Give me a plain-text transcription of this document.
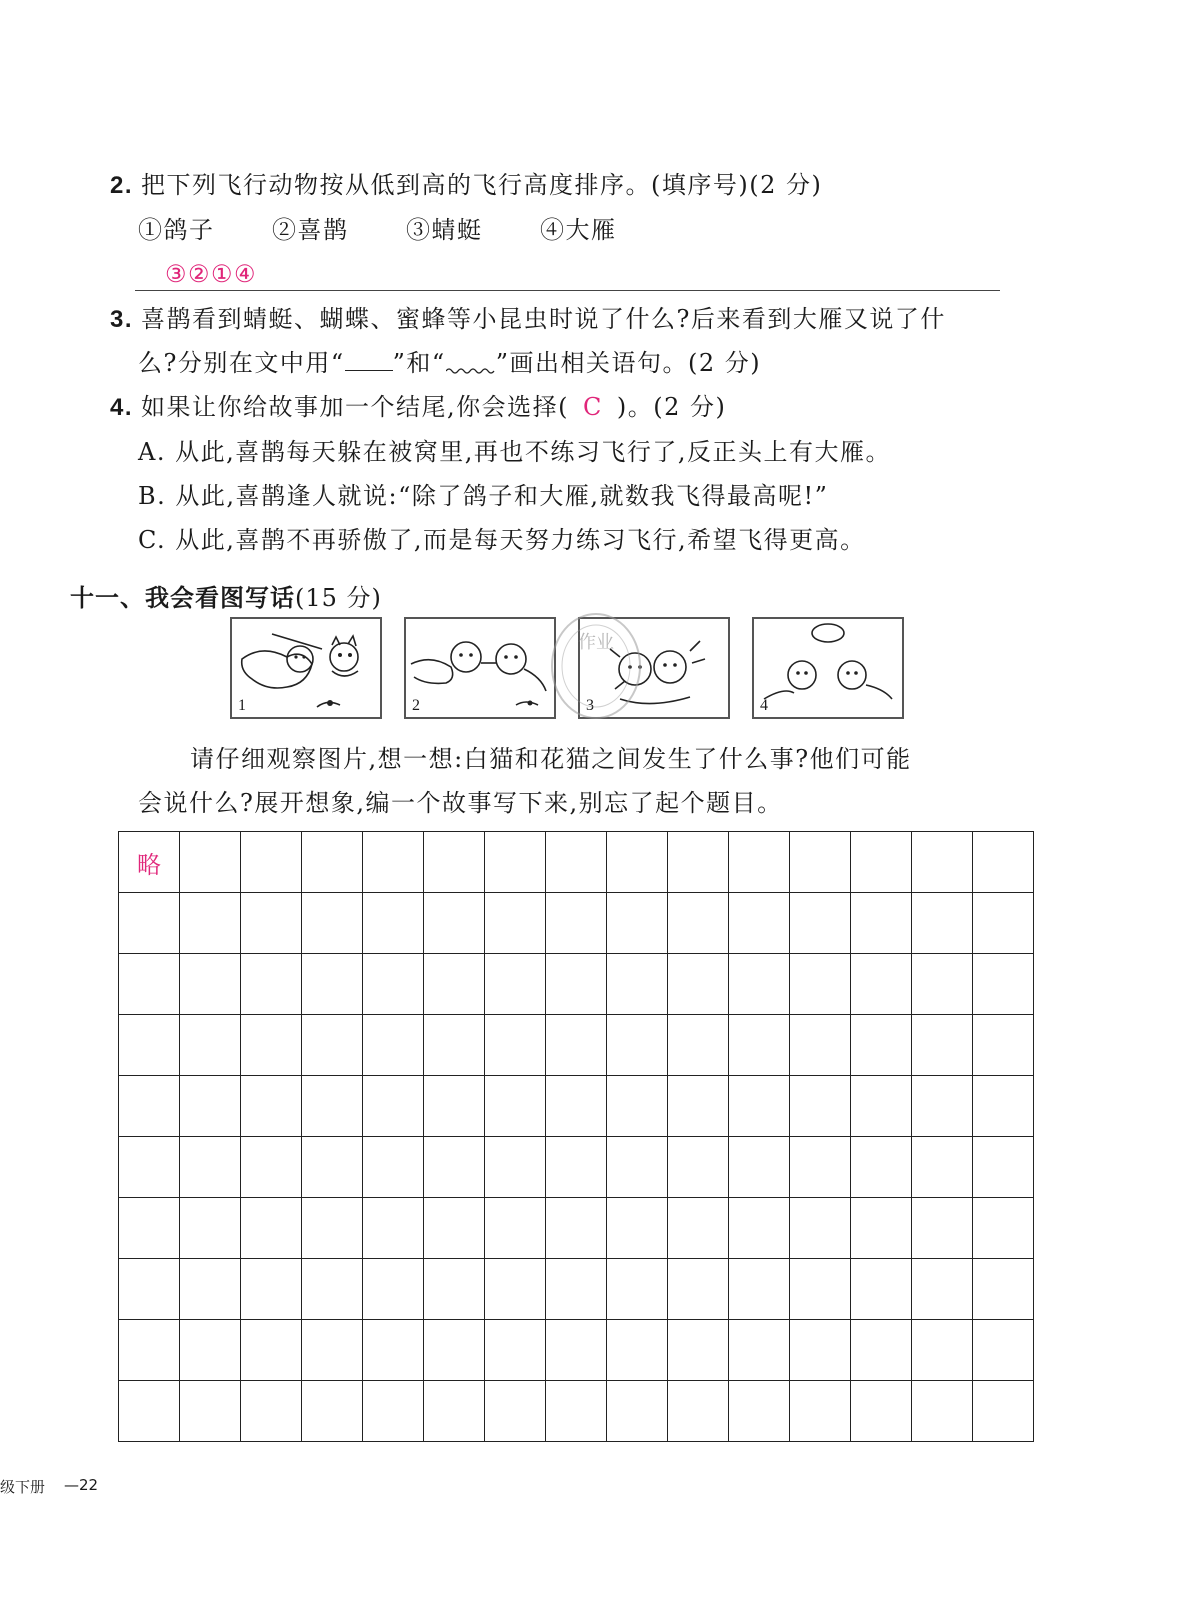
2. 把下列飞行动物按从低到高的飞行高度排序。(填序号)(2 分)
①鸽子 ②喜鹊 ③蜻蜓 ④大雁
③②①④
3. 喜鹊看到蜻蜓、蝴蝶、蜜蜂等小昆虫时说了什么?后来看到大雁又说了什
么?分别在文中用“ ”和“ ”画出相关语句。(2 分)
4. 如果让你给故事加一个结尾,你会选择( C )。(2 分)
A. 从此,喜鹊每天躲在被窝里,再也不练习飞行了,反正头上有大雁。
B. 从此,喜鹊逢人就说:“除了鸽子和大雁,就数我飞得最高呢!”
C. 从此,喜鹊不再骄傲了,而是每天努力练习飞行,希望飞得更高。
十一、我会看图写话(15 分)
1	2	3	4
作业
请仔细观察图片,想一想:白猫和花猫之间发生了什么事?他们可能
会说什么?展开想象,编一个故事写下来,别忘了起个题目。
略														

级下册 —22
